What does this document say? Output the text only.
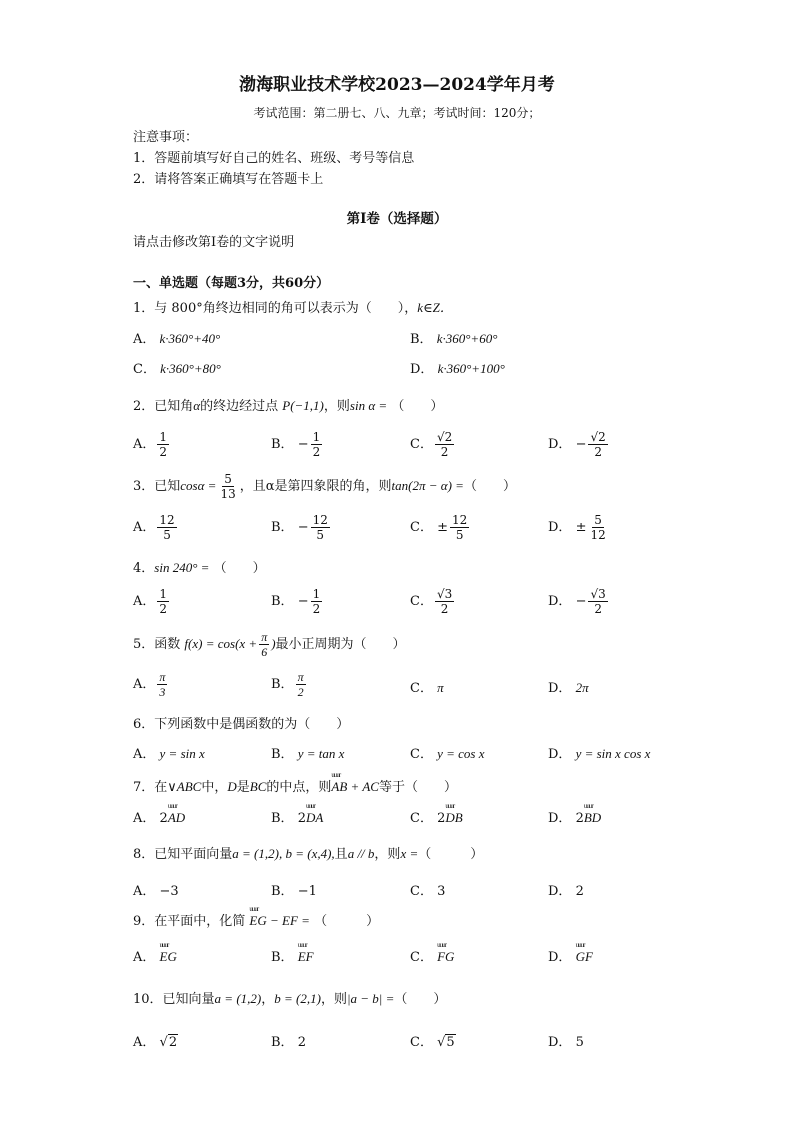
渤海职业技术学校2023—2024学年月考
考试范围：第二册七、八、九章；考试时间：120分；
注意事项：
1．答题前填写好自己的姓名、班级、考号等信息
2．请将答案正确填写在答题卡上
第I卷（选择题）
请点击修改第I卷的文字说明
一、单选题（每题3分，共60分）
1．与 800°角终边相同的角可以表示为（　　），k∈Z．
A． k·360°+40°	B． k·360°+60°
C． k·360°+80°	D． k·360°+100°
2．已知角α的终边经过点 P(−1,1)，则sin α = （　　）
A． $\frac{1}{2}$	B． − $\frac{1}{2}$	C． $\frac{√2}{2}$	D． − $\frac{√2}{2}$
3．已知$\cos\alpha = \frac{5}{13}$ ，且α是第四象限的角，则tan(2π − α) =（　　）
A． $\frac{12}{5}$	B． − $\frac{12}{5}$	C． ± $\frac{12}{5}$	D． ± $\frac{5}{12}$
4．sin 240° = （　　）
A． $\frac{1}{2}$	B． − $\frac{1}{2}$	C． $\frac{√3}{2}$	D． − $\frac{√3}{2}$
5．函数 $f(x) = \cos(x + \frac{\pi}{6}$ )最小正周期为（　　）
A． $\frac{\pi}{3}$	B． $\frac{\pi}{2}$	C． π	D． 2π
6．下列函数中是偶函数的为（　　）
A． y = sin x	B． y = tan x	C． y = cos x	D． y = sin x cos x
7．在∨ABC中，D是BC的中点，则uuur AB + AC等于（　　）
A． 2uuur AD	B． 2uuur DA	C． 2uuur DB	D． 2uuur BD
8．已知平面向量a = (1,2), b = (x,4),且a // b，则x =（　　　）
A． −3	B． −1	C． 3	D． 2
9．在平面中，化简 uuur EG − EF = （　　　）
A． uuur EG	B． uuur EF	C． uuur FG	D． uuur GF
10．已知向量a = (1,2)，b = (2,1)，则|a − b| =（　　）
A． √2	B． 2	C． √5	D． 5
